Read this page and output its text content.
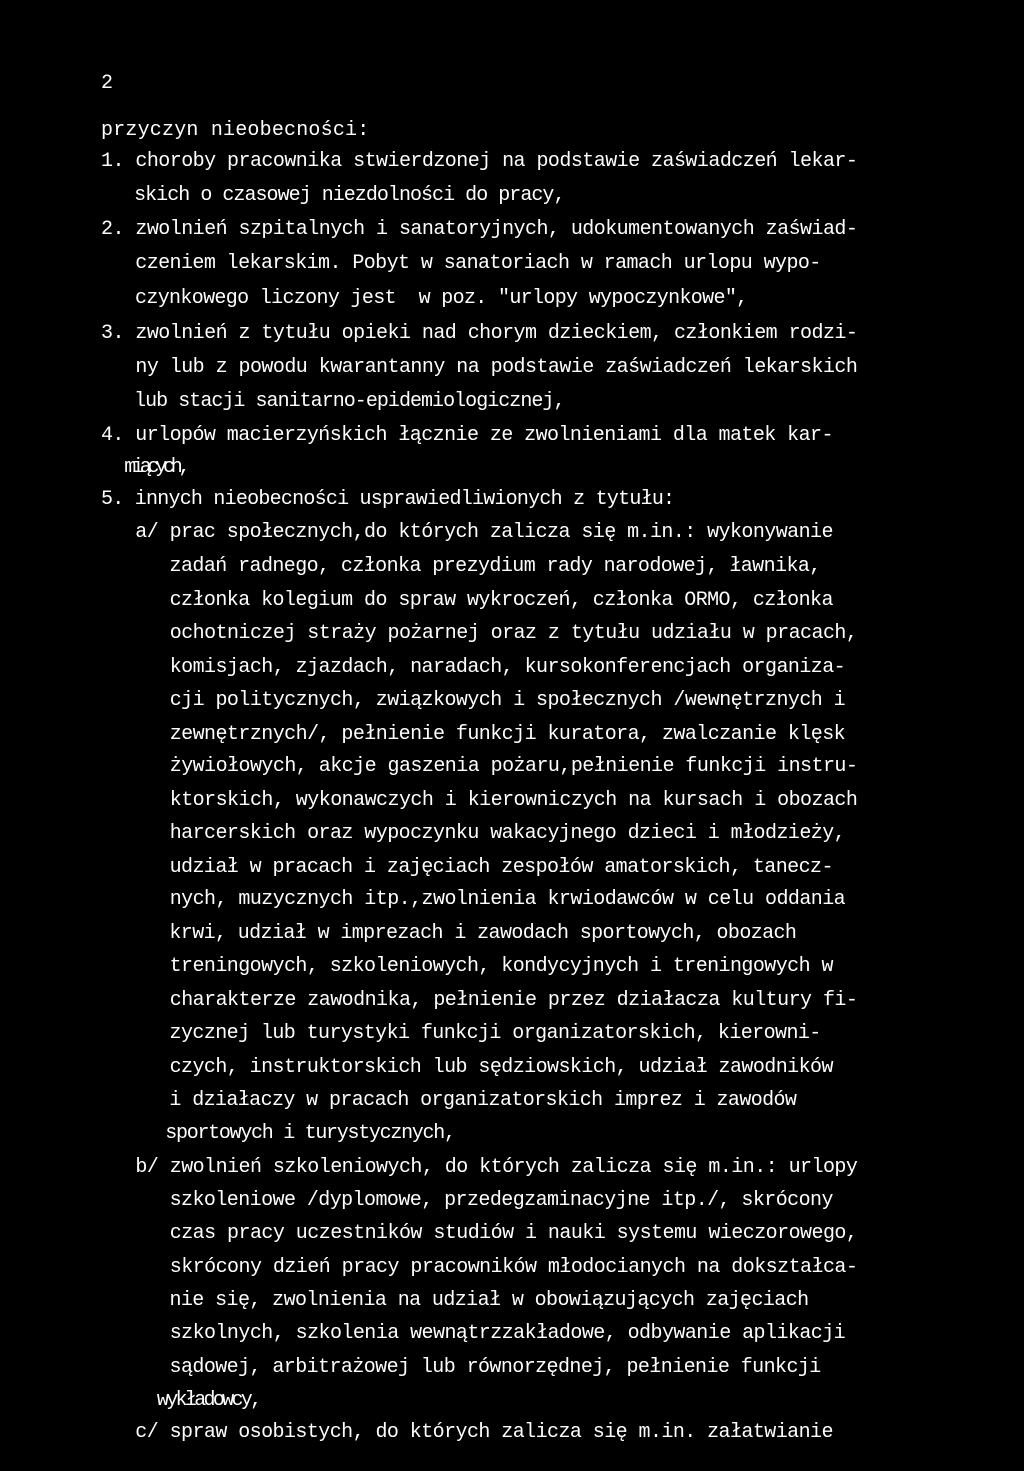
2
przyczyn nieobecności:
1. choroby pracownika stwierdzonej na podstawie zaświadczeń lekar-
skich o czasowej niezdolności do pracy,
2. zwolnień szpitalnych i sanatoryjnych, udokumentowanych zaświad-
czeniem lekarskim. Pobyt w sanatoriach w ramach urlopu wypo-
czynkowego liczony jest  w poz. "urlopy wypoczynkowe",
3. zwolnień z tytułu opieki nad chorym dzieckiem, członkiem rodzi-
ny lub z powodu kwarantanny na podstawie zaświadczeń lekarskich
lub stacji sanitarno-epidemiologicznej,
4. urlopów macierzyńskich łącznie ze zwolnieniami dla matek kar-
miących,
5. innych nieobecności usprawiedliwionych z tytułu:
a/ prac społecznych,do których zalicza się m.in.: wykonywanie
zadań radnego, członka prezydium rady narodowej, ławnika,
członka kolegium do spraw wykroczeń, członka ORMO, członka
ochotniczej straży pożarnej oraz z tytułu udziału w pracach,
komisjach, zjazdach, naradach, kursokonferencjach organiza-
cji politycznych, związkowych i społecznych /wewnętrznych i
zewnętrznych/, pełnienie funkcji kuratora, zwalczanie klęsk
żywiołowych, akcje gaszenia pożaru,pełnienie funkcji instru-
ktorskich, wykonawczych i kierowniczych na kursach i obozach
harcerskich oraz wypoczynku wakacyjnego dzieci i młodzieży,
udział w pracach i zajęciach zespołów amatorskich, tanecz-
nych, muzycznych itp.,zwolnienia krwiodawców w celu oddania
krwi, udział w imprezach i zawodach sportowych, obozach
treningowych, szkoleniowych, kondycyjnych i treningowych w
charakterze zawodnika, pełnienie przez działacza kultury fi-
zycznej lub turystyki funkcji organizatorskich, kierowni-
czych, instruktorskich lub sędziowskich, udział zawodników
i działaczy w pracach organizatorskich imprez i zawodów
sportowych i turystycznych,
b/ zwolnień szkoleniowych, do których zalicza się m.in.: urlopy
szkoleniowe /dyplomowe, przedegzaminacyjne itp./, skrócony
czas pracy uczestników studiów i nauki systemu wieczorowego,
skrócony dzień pracy pracowników młodocianych na dokształca-
nie się, zwolnienia na udział w obowiązujących zajęciach
szkolnych, szkolenia wewnątrzzakładowe, odbywanie aplikacji
sądowej, arbitrażowej lub równorzędnej, pełnienie funkcji
wykładowcy,
c/ spraw osobistych, do których zalicza się m.in. załatwianie
